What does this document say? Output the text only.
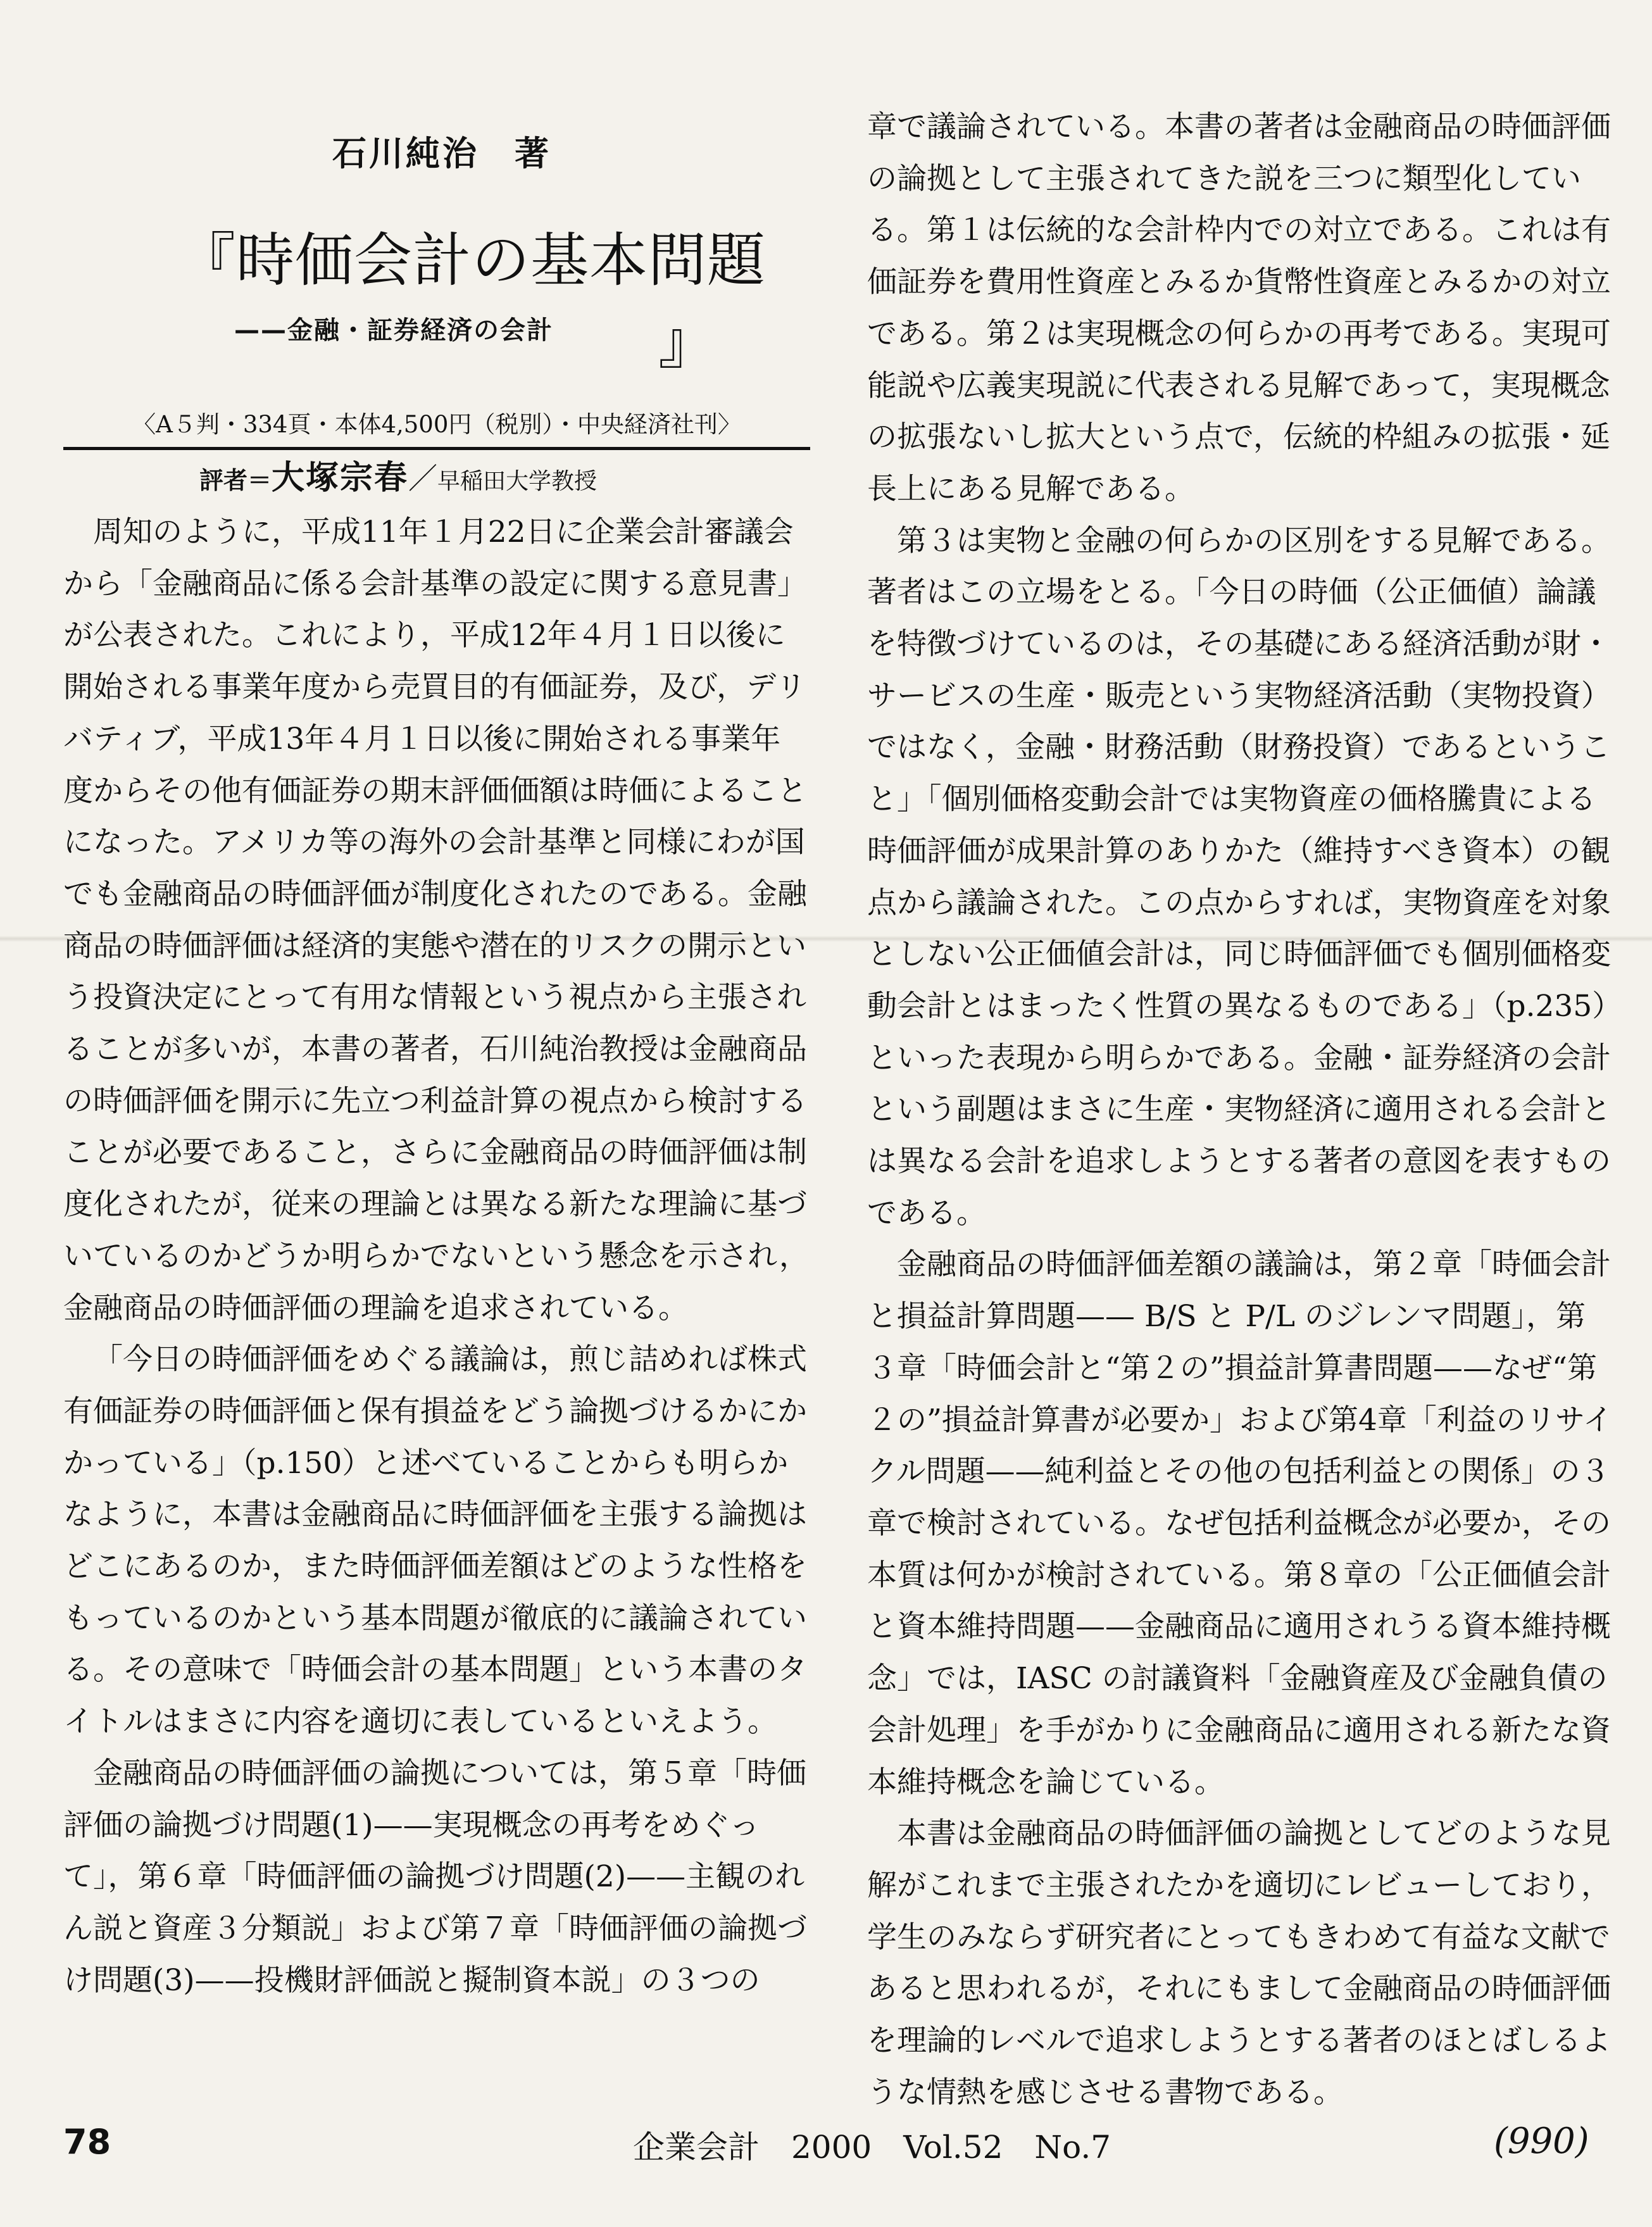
石川純治 著
『時価会計の基本問題
——金融・証券経済の会計 』
〈A５判・334頁・本体4,500円（税別）・中央経済社刊〉
評者＝大塚宗春／早稲田大学教授

周知のように，平成11年１月22日に企業会計審議会から「金融商品に係る会計基準の設定に関する意見書」が公表された。これにより，平成12年４月１日以後に開始される事業年度から売買目的有価証券，及び，デリバティブ，平成13年４月１日以後に開始される事業年度からその他有価証券の期末評価価額は時価によることになった。アメリカ等の海外の会計基準と同様にわが国でも金融商品の時価評価が制度化されたのである。金融商品の時価評価は経済的実態や潜在的リスクの開示という投資決定にとって有用な情報という視点から主張されることが多いが，本書の著者，石川純治教授は金融商品の時価評価を開示に先立つ利益計算の視点から検討することが必要であること，さらに金融商品の時価評価は制度化されたが，従来の理論とは異なる新たな理論に基づいているのかどうか明らかでないという懸念を示され，金融商品の時価評価の理論を追求されている。

「今日の時価評価をめぐる議論は，煎じ詰めれば株式有価証券の時価評価と保有損益をどう論拠づけるかにかかっている」（p.150）と述べていることからも明らかなように，本書は金融商品に時価評価を主張する論拠はどこにあるのか，また時価評価差額はどのような性格をもっているのかという基本問題が徹底的に議論されている。その意味で「時価会計の基本問題」という本書のタイトルはまさに内容を適切に表しているといえよう。

金融商品の時価評価の論拠については，第５章「時価評価の論拠づけ問題(1)——実現概念の再考をめぐって」，第６章「時価評価の論拠づけ問題(2)——主観のれん説と資産３分類説」および第７章「時価評価の論拠づけ問題(3)——投機財評価説と擬制資本説」の３つの

章で議論されている。本書の著者は金融商品の時価評価の論拠として主張されてきた説を三つに類型化している。第１は伝統的な会計枠内での対立である。これは有価証券を費用性資産とみるか貨幣性資産とみるかの対立である。第２は実現概念の何らかの再考である。実現可能説や広義実現説に代表される見解であって，実現概念の拡張ないし拡大という点で，伝統的枠組みの拡張・延長上にある見解である。

第３は実物と金融の何らかの区別をする見解である。著者はこの立場をとる。「今日の時価（公正価値）論議を特徴づけているのは，その基礎にある経済活動が財・サービスの生産・販売という実物経済活動（実物投資）ではなく，金融・財務活動（財務投資）であるということ」「個別価格変動会計では実物資産の価格騰貴による時価評価が成果計算のありかた（維持すべき資本）の観点から議論された。この点からすれば，実物資産を対象としない公正価値会計は，同じ時価評価でも個別価格変動会計とはまったく性質の異なるものである」（p.235）といった表現から明らかである。金融・証券経済の会計という副題はまさに生産・実物経済に適用される会計とは異なる会計を追求しようとする著者の意図を表すものである。

金融商品の時価評価差額の議論は，第２章「時価会計と損益計算問題—— B/S と P/L のジレンマ問題」，第３章「時価会計と“第２の”損益計算書問題——なぜ“第２の”損益計算書が必要か」および第4章「利益のリサイクル問題——純利益とその他の包括利益との関係」の３章で検討されている。なぜ包括利益概念が必要か，その本質は何かが検討されている。第８章の「公正価値会計と資本維持問題——金融商品に適用されうる資本維持概念」では，IASC の討議資料「金融資産及び金融負債の会計処理」を手がかりに金融商品に適用される新たな資本維持概念を論じている。

本書は金融商品の時価評価の論拠としてどのような見解がこれまで主張されたかを適切にレビューしており，学生のみならず研究者にとってもきわめて有益な文献であると思われるが，それにもまして金融商品の時価評価を理論的レベルで追求しようとする著者のほとばしるような情熱を感じさせる書物である。

78	企業会計　2000　Vol.52　No.7	(990)
